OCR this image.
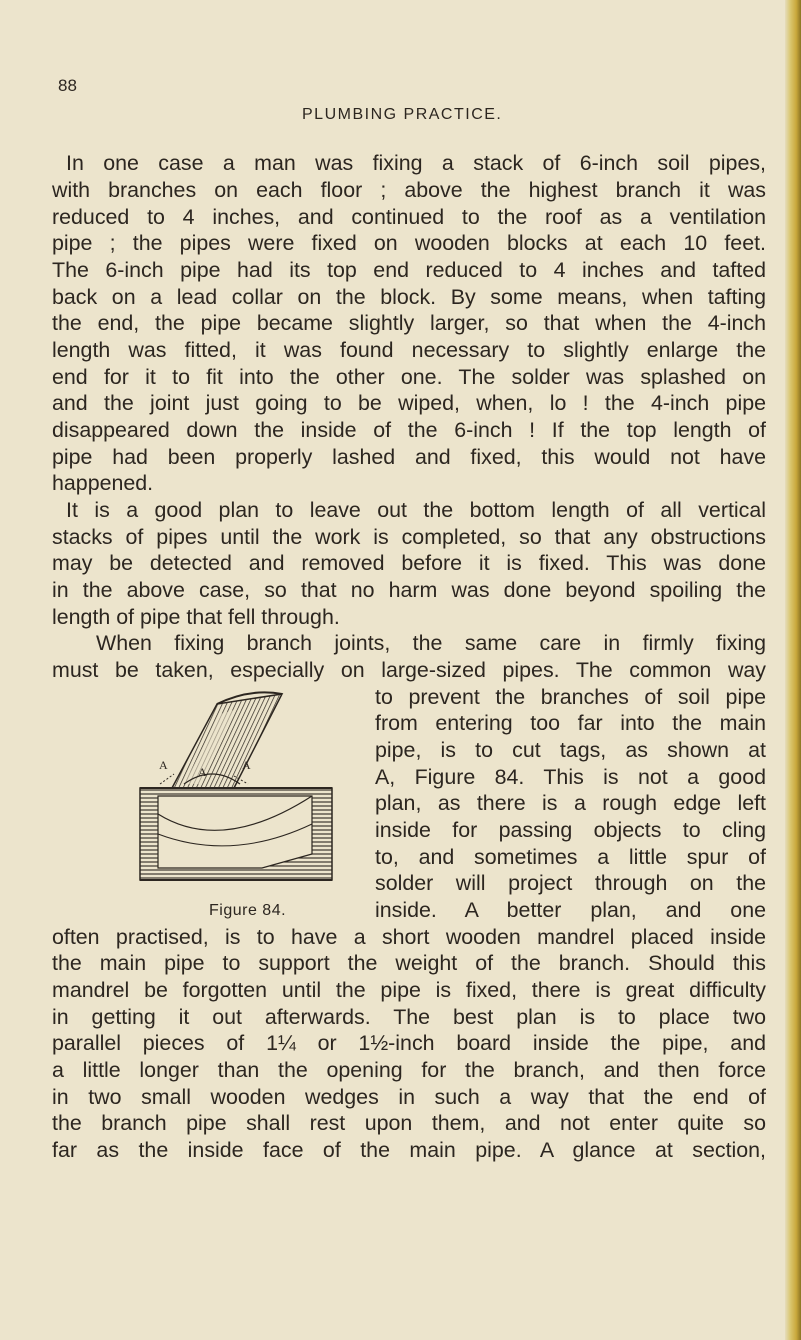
88
PLUMBING PRACTICE.
In one case a man was fixing a stack of 6-inch soil pipes,
with branches on each floor ; above the highest branch it was
reduced to 4 inches, and continued to the roof as a ventilation
pipe ; the pipes were fixed on wooden blocks at each 10 feet.
The 6-inch pipe had its top end reduced to 4 inches and tafted
back on a lead collar on the block. By some means, when tafting
the end, the pipe became slightly larger, so that when the 4-inch
length was fitted, it was found necessary to slightly enlarge the
end for it to fit into the other one. The solder was splashed on
and the joint just going to be wiped, when, lo ! the 4-inch pipe
disappeared down the inside of the 6-inch ! If the top length of
pipe had been properly lashed and fixed, this would not have
happened.
It is a good plan to leave out the bottom length of all vertical
stacks of pipes until the work is completed, so that any obstructions
may be detected and removed before it is fixed. This was done
in the above case, so that no harm was done beyond spoiling the
length of pipe that fell through.
When fixing branch joints, the same care in firmly fixing
must be taken, especially on large-sized pipes. The common way
to prevent the branches of soil pipe
from entering too far into the main
pipe, is to cut tags, as shown at
A, Figure 84. This is not a good
plan, as there is a rough edge left
inside for passing objects to cling
to, and sometimes a little spur of
solder will project through on the
inside. A better plan, and one
often practised, is to have a short wooden mandrel placed inside
the main pipe to support the weight of the branch. Should this
mandrel be forgotten until the pipe is fixed, there is great difficulty
in getting it out afterwards. The best plan is to place two
parallel pieces of 1¼ or 1½-inch board inside the pipe, and
a little longer than the opening for the branch, and then force
in two small wooden wedges in such a way that the end of
the branch pipe shall rest upon them, and not enter quite so
far as the inside face of the main pipe. A glance at section,
A	A	A
Figure 84.
